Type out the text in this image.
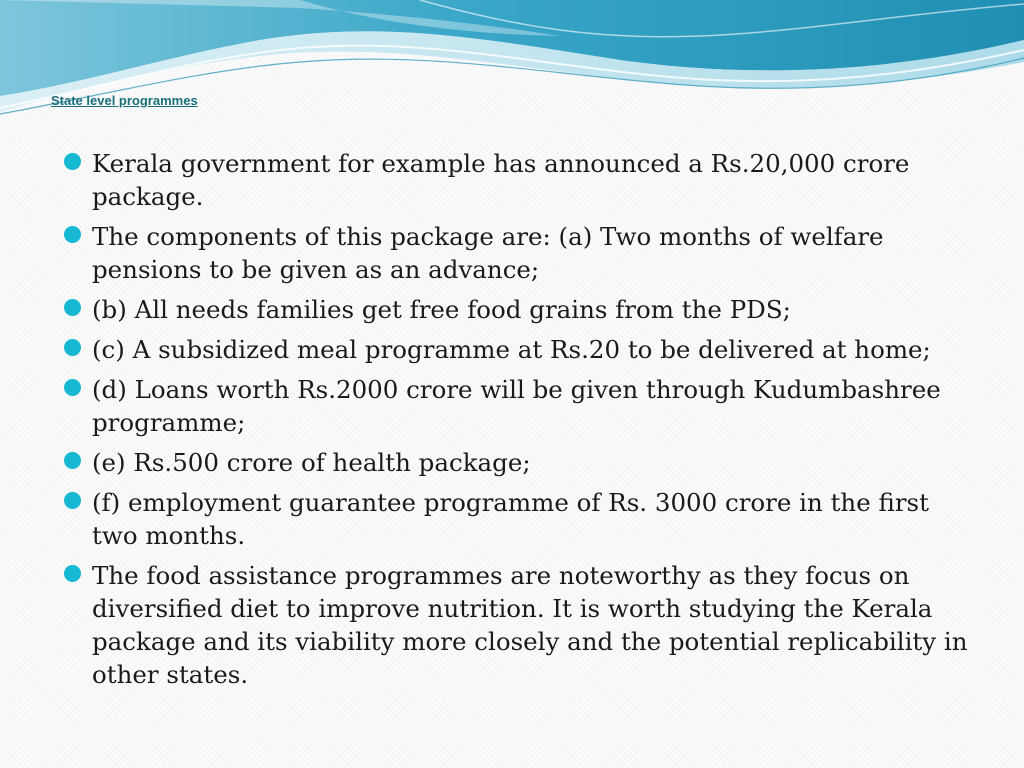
State level programmes
Kerala government for example has announced a Rs.20,000 crore package.
The components of this package are: (a) Two months of welfare pensions to be given as an advance;
(b) All needs families get free food grains from the PDS;
(c) A subsidized meal programme at Rs.20 to be delivered at home;
(d) Loans worth Rs.2000 crore will be given through Kudumbashree programme;
(e) Rs.500 crore of health package;
(f) employment guarantee programme of Rs. 3000 crore in the first two months.
The food assistance programmes are noteworthy as they focus on diversified diet to improve nutrition. It is worth studying the Kerala package and its viability more closely and the potential replicability in other states.
